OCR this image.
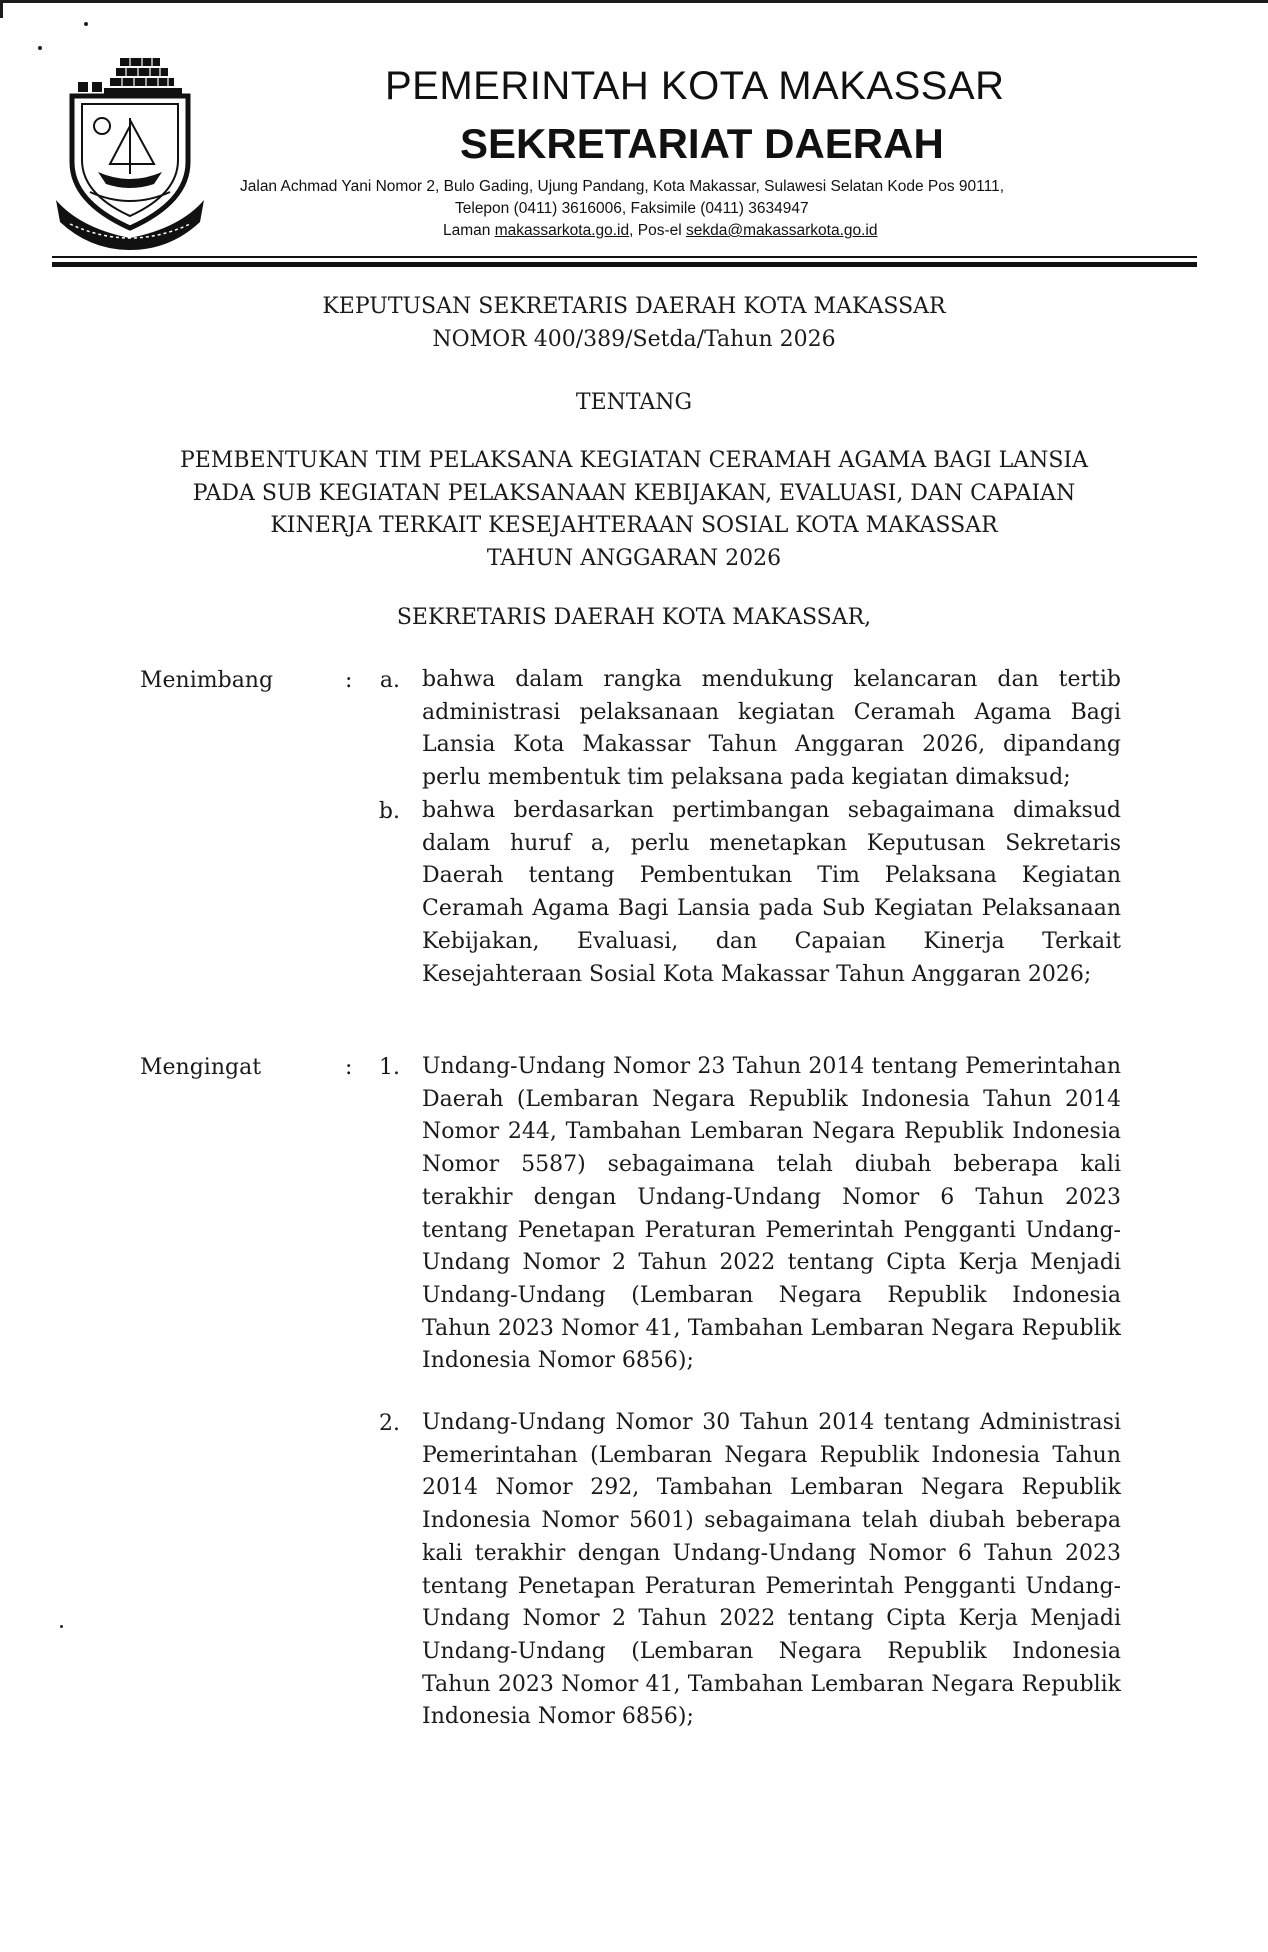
PEMERINTAH KOTA MAKASSAR
SEKRETARIAT DAERAH
Jalan Achmad Yani Nomor 2, Bulo Gading, Ujung Pandang, Kota Makassar, Sulawesi Selatan Kode Pos 90111,
Telepon (0411) 3616006, Faksimile (0411) 3634947
Laman makassarkota.go.id, Pos-el sekda@makassarkota.go.id
KEPUTUSAN SEKRETARIS DAERAH KOTA MAKASSAR
NOMOR 400/389/Setda/Tahun 2026
TENTANG
PEMBENTUKAN TIM PELAKSANA KEGIATAN CERAMAH AGAMA BAGI LANSIA
PADA SUB KEGIATAN PELAKSANAAN KEBIJAKAN, EVALUASI, DAN CAPAIAN
KINERJA TERKAIT KESEJAHTERAAN SOSIAL KOTA MAKASSAR
TAHUN ANGGARAN 2026
SEKRETARIS DAERAH KOTA MAKASSAR,
Menimbang	:	a. bahwa dalam rangka mendukung kelancaran dan tertib administrasi pelaksanaan kegiatan Ceramah Agama Bagi Lansia Kota Makassar Tahun Anggaran 2026, dipandang perlu membentuk tim pelaksana pada kegiatan dimaksud;
b. bahwa berdasarkan pertimbangan sebagaimana dimaksud dalam huruf a, perlu menetapkan Keputusan Sekretaris Daerah tentang Pembentukan Tim Pelaksana Kegiatan Ceramah Agama Bagi Lansia pada Sub Kegiatan Pelaksanaan Kebijakan, Evaluasi, dan Capaian Kinerja Terkait Kesejahteraan Sosial Kota Makassar Tahun Anggaran 2026;
Mengingat	:	1. Undang-Undang Nomor 23 Tahun 2014 tentang Pemerintahan Daerah (Lembaran Negara Republik Indonesia Tahun 2014 Nomor 244, Tambahan Lembaran Negara Republik Indonesia Nomor 5587) sebagaimana telah diubah beberapa kali terakhir dengan Undang-Undang Nomor 6 Tahun 2023 tentang Penetapan Peraturan Pemerintah Pengganti Undang-Undang Nomor 2 Tahun 2022 tentang Cipta Kerja Menjadi Undang-Undang (Lembaran Negara Republik Indonesia Tahun 2023 Nomor 41, Tambahan Lembaran Negara Republik Indonesia Nomor 6856);
2. Undang-Undang Nomor 30 Tahun 2014 tentang Administrasi Pemerintahan (Lembaran Negara Republik Indonesia Tahun 2014 Nomor 292, Tambahan Lembaran Negara Republik Indonesia Nomor 5601) sebagaimana telah diubah beberapa kali terakhir dengan Undang-Undang Nomor 6 Tahun 2023 tentang Penetapan Peraturan Pemerintah Pengganti Undang-Undang Nomor 2 Tahun 2022 tentang Cipta Kerja Menjadi Undang-Undang (Lembaran Negara Republik Indonesia Tahun 2023 Nomor 41, Tambahan Lembaran Negara Republik Indonesia Nomor 6856);
